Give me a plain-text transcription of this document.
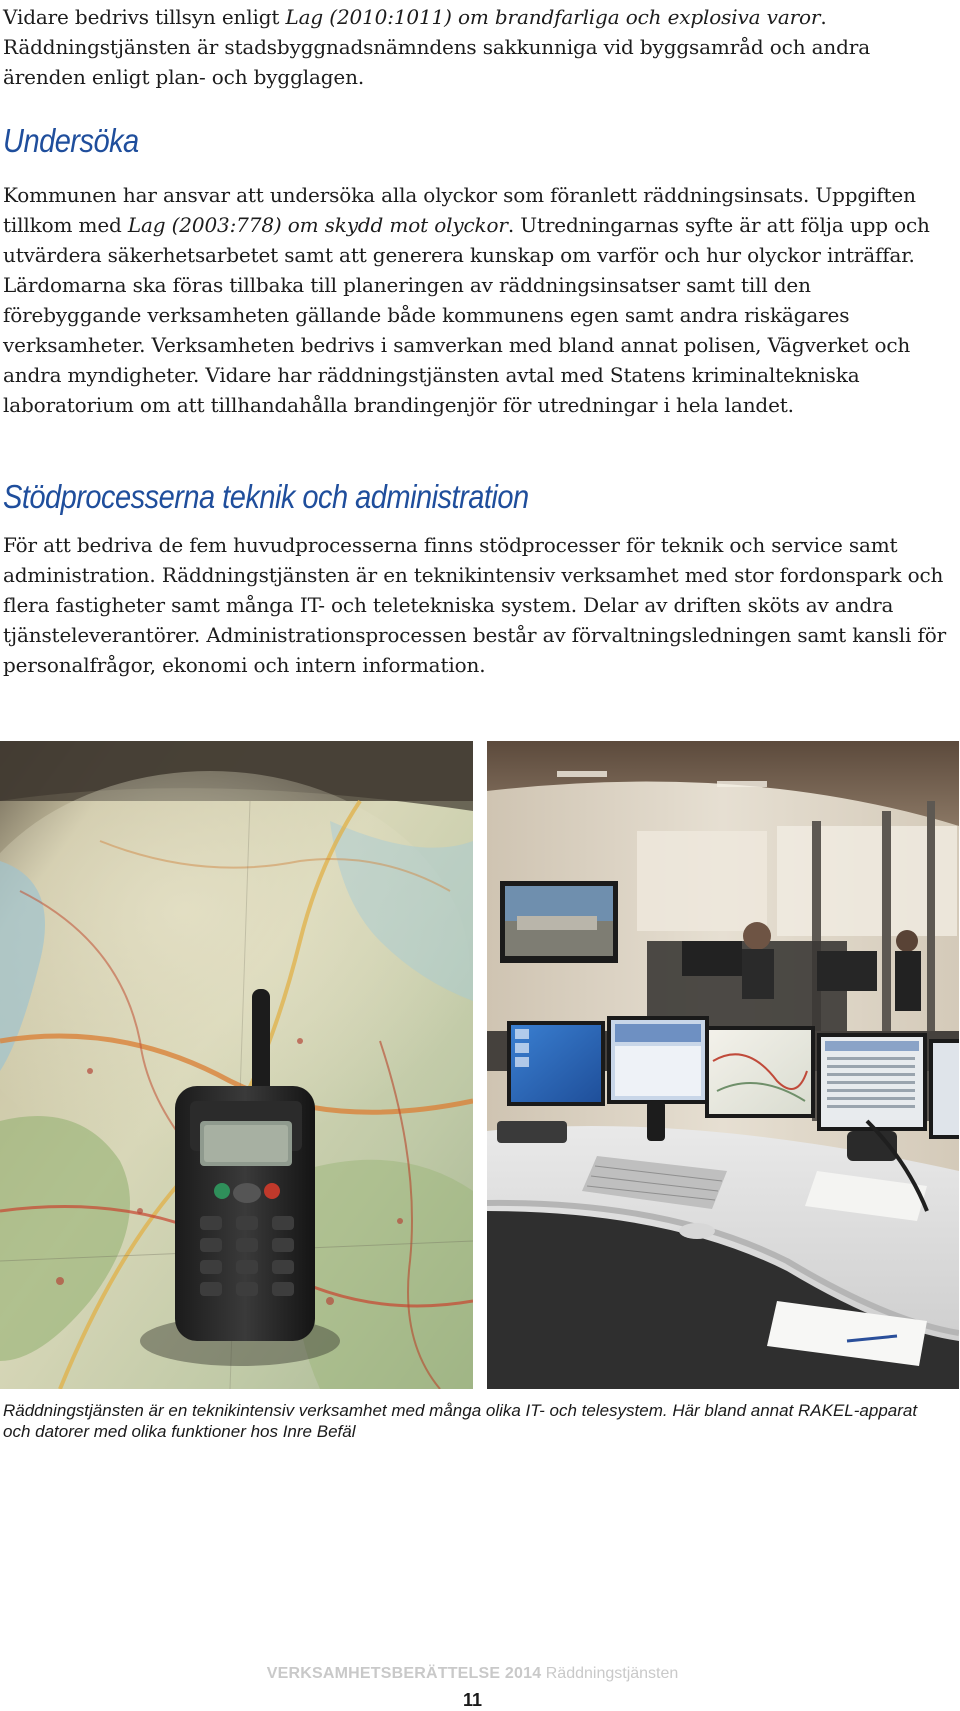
Vidare bedrivs tillsyn enligt Lag (2010:1011) om brandfarliga och explosiva varor. Räddningstjänsten är stadsbyggnadsnämndens sakkunniga vid byggsamråd och andra ärenden enligt plan- och bygglagen.

Undersöka

Kommunen har ansvar att undersöka alla olyckor som föranlett räddningsinsats. Uppgiften tillkom med Lag (2003:778) om skydd mot olyckor. Utredningarnas syfte är att följa upp och utvärdera säkerhetsarbetet samt att generera kunskap om varför och hur olyckor inträffar. Lärdomarna ska föras tillbaka till planeringen av räddningsinsatser samt till den förebyggande verksamheten gällande både kommunens egen samt andra riskägares verksamheter. Verksamheten bedrivs i samverkan med bland annat polisen, Vägverket och andra myndigheter. Vidare har räddningstjänsten avtal med Statens kriminaltekniska laboratorium om att tillhandahålla brandingenjör för utredningar i hela landet.

Stödprocesserna teknik och administration

För att bedriva de fem huvudprocesserna finns stödprocesser för teknik och service samt administration. Räddningstjänsten är en teknikintensiv verksamhet med stor fordonspark och flera fastigheter samt många IT- och teletekniska system. Delar av driften sköts av andra tjänsteleverantörer. Administrationsprocessen består av förvaltningsledningen samt kansli för personalfrågor, ekonomi och intern information.

Räddningstjänsten är en teknikintensiv verksamhet med många olika IT- och telesystem. Här bland annat RAKEL-apparat och datorer med olika funktioner hos Inre Befäl

VERKSAMHETSBERÄTTELSE 2014 Räddningstjänsten
11
